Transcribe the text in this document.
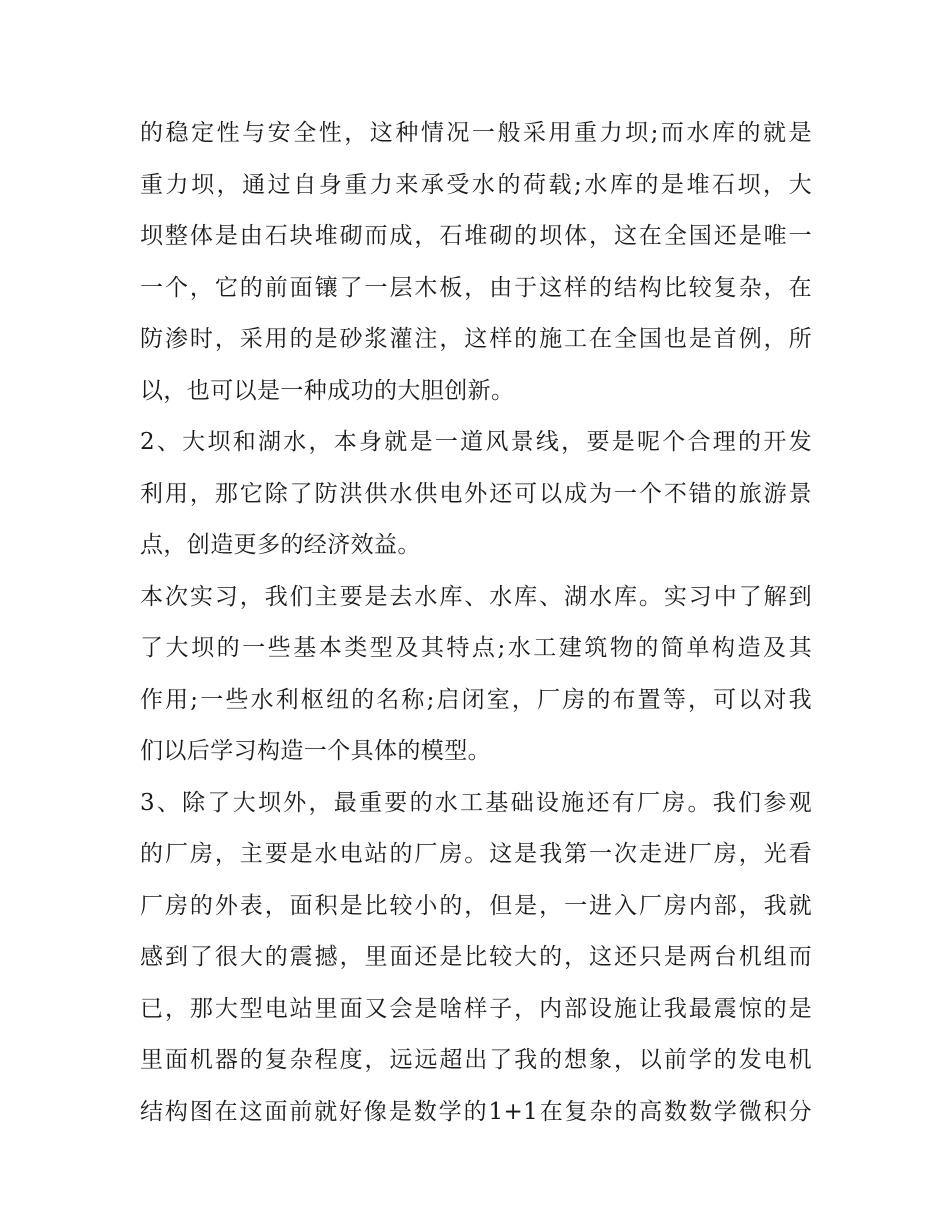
的稳定性与安全性，这种情况一般采用重力坝;而水库的就是
重力坝，通过自身重力来承受水的荷载;水库的是堆石坝，大
坝整体是由石块堆砌而成，石堆砌的坝体，这在全国还是唯一
一个，它的前面镶了一层木板，由于这样的结构比较复杂，在
防渗时，采用的是砂浆灌注，这样的施工在全国也是首例，所
以，也可以是一种成功的大胆创新。
2、大坝和湖水，本身就是一道风景线，要是呢个合理的开发
利用，那它除了防洪供水供电外还可以成为一个不错的旅游景
点，创造更多的经济效益。
本次实习，我们主要是去水库、水库、湖水库。实习中了解到
了大坝的一些基本类型及其特点;水工建筑物的简单构造及其
作用;一些水利枢纽的名称;启闭室，厂房的布置等，可以对我
们以后学习构造一个具体的模型。
3、除了大坝外，最重要的水工基础设施还有厂房。我们参观
的厂房，主要是水电站的厂房。这是我第一次走进厂房，光看
厂房的外表，面积是比较小的，但是，一进入厂房内部，我就
感到了很大的震撼，里面还是比较大的，这还只是两台机组而
已，那大型电站里面又会是啥样子，内部设施让我最震惊的是
里面机器的复杂程度，远远超出了我的想象，以前学的发电机
结构图在这面前就好像是数学的1+1在复杂的高数数学微积分
